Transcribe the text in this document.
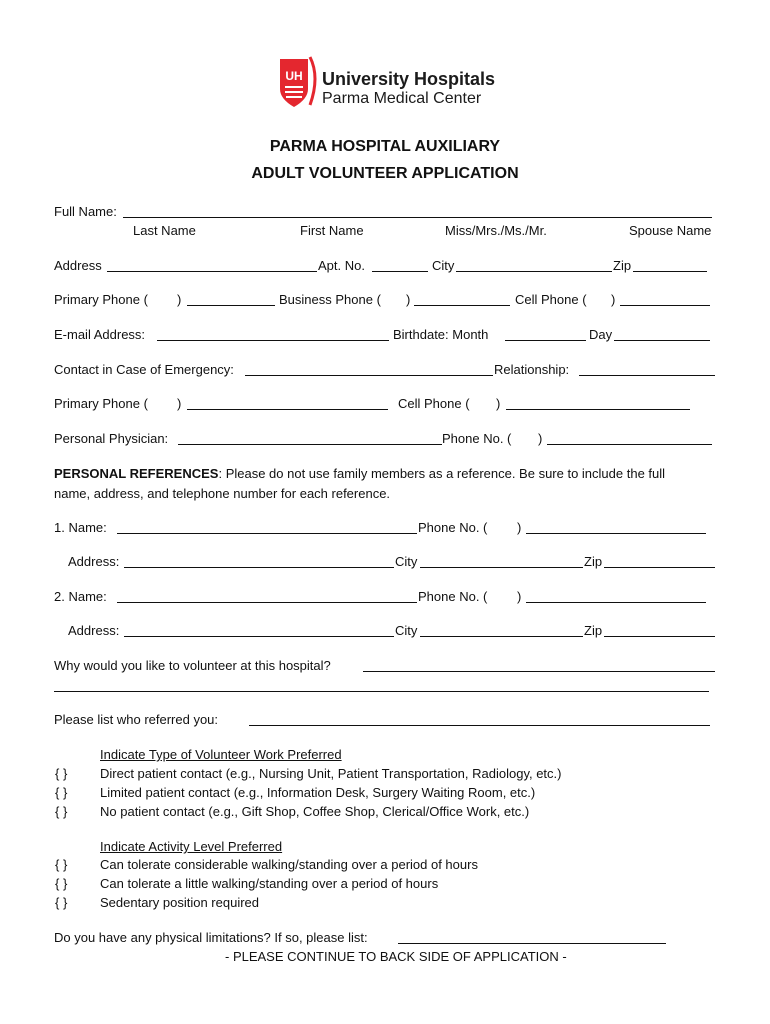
UH University Hospitals
Parma Medical Center
PARMA HOSPITAL AUXILIARY
ADULT VOLUNTEER APPLICATION
Full Name:
Last Name	First Name	Miss/Mrs./Ms./Mr.	Spouse Name
Address	Apt. No.	City	Zip
Primary Phone ( )	Business Phone ( )	Cell Phone ( )
E-mail Address:	Birthdate: Month	Day
Contact in Case of Emergency:	Relationship:
Primary Phone ( )	Cell Phone ( )
Personal Physician:	Phone No. ( )
PERSONAL REFERENCES: Please do not use family members as a reference. Be sure to include the full
name, address, and telephone number for each reference.
1. Name:	Phone No. ( )
Address:	City	Zip
2. Name:	Phone No. ( )
Address:	City	Zip
Why would you like to volunteer at this hospital?
Please list who referred you:
Indicate Type of Volunteer Work Preferred
{ }	Direct patient contact (e.g., Nursing Unit, Patient Transportation, Radiology, etc.)
{ }	Limited patient contact (e.g., Information Desk, Surgery Waiting Room, etc.)
{ }	No patient contact (e.g., Gift Shop, Coffee Shop, Clerical/Office Work, etc.)
Indicate Activity Level Preferred
{ }	Can tolerate considerable walking/standing over a period of hours
{ }	Can tolerate a little walking/standing over a period of hours
{ }	Sedentary position required
Do you have any physical limitations? If so, please list:
- PLEASE CONTINUE TO BACK SIDE OF APPLICATION -
